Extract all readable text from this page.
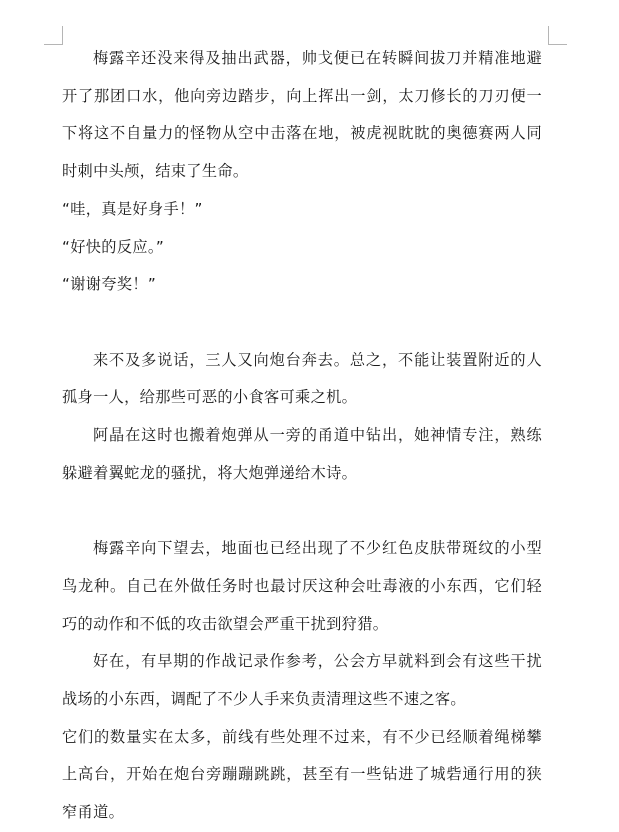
梅露辛还没来得及抽出武器，帅戈便已在转瞬间拔刀并精准地避开了那团口水，他向旁边踏步，向上挥出一剑，太刀修长的刀刃便一下将这不自量力的怪物从空中击落在地，被虎视眈眈的奥德赛两人同时刺中头颅，结束了生命。

“哇，真是好身手！”

“好快的反应。”

“谢谢夸奖！”

来不及多说话，三人又向炮台奔去。总之，不能让装置附近的人孤身一人，给那些可恶的小食客可乘之机。

阿晶在这时也搬着炮弹从一旁的甬道中钻出，她神情专注，熟练躲避着翼蛇龙的骚扰，将大炮弹递给木诗。

梅露辛向下望去，地面也已经出现了不少红色皮肤带斑纹的小型鸟龙种。自己在外做任务时也最讨厌这种会吐毒液的小东西，它们轻巧的动作和不低的攻击欲望会严重干扰到狩猎。

好在，有早期的作战记录作参考，公会方早就料到会有这些干扰战场的小东西，调配了不少人手来负责清理这些不速之客。

它们的数量实在太多，前线有些处理不过来，有不少已经顺着绳梯攀上高台，开始在炮台旁蹦蹦跳跳，甚至有一些钻进了城砦通行用的狭窄甬道。
